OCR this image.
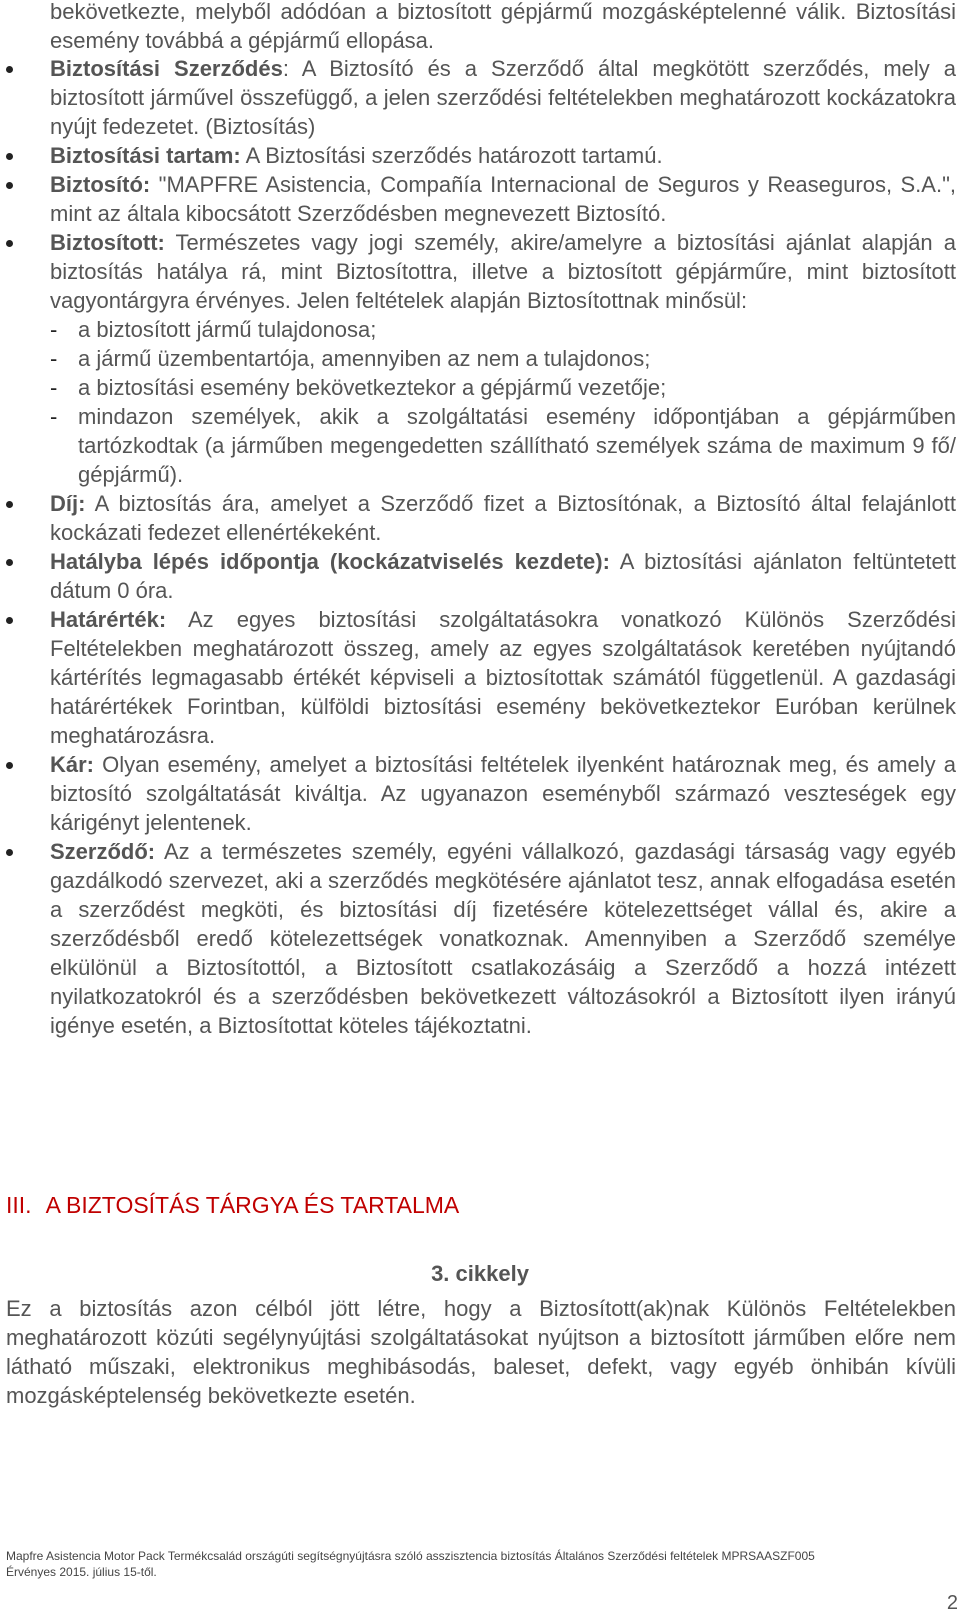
bekövetkezte, melyből adódóan a biztosított gépjármű mozgásképtelenné válik. Biztosítási esemény továbbá a gépjármű ellopása.

Biztosítási Szerződés: A Biztosító és a Szerződő által megkötött szerződés, mely a biztosított járművel összefüggő, a jelen szerződési feltételekben meghatározott kockázatokra nyújt fedezetet. (Biztosítás)
Biztosítási tartam: A Biztosítási szerződés határozott tartamú.
Biztosító: "MAPFRE Asistencia, Compañía Internacional de Seguros y Reaseguros, S.A.", mint az általa kibocsátott Szerződésben megnevezett Biztosító.
Biztosított: Természetes vagy jogi személy, akire/amelyre a biztosítási ajánlat alapján a biztosítás hatálya rá, mint Biztosítottra, illetve a biztosított gépjárműre, mint biztosított vagyontárgyra érvényes. Jelen feltételek alapján Biztosítottnak minősül:
- a biztosított jármű tulajdonosa;
- a jármű üzembentartója, amennyiben az nem a tulajdonos;
- a biztosítási esemény bekövetkeztekor a gépjármű vezetője;
- mindazon személyek, akik a szolgáltatási esemény időpontjában a gépjárműben tartózkodtak (a járműben megengedetten szállítható személyek száma de maximum 9 fő/ gépjármű).
Díj: A biztosítás ára, amelyet a Szerződő fizet a Biztosítónak, a Biztosító által felajánlott kockázati fedezet ellenértékeként.
Hatályba lépés időpontja (kockázatviselés kezdete): A biztosítási ajánlaton feltüntetett dátum 0 óra.
Határérték: Az egyes biztosítási szolgáltatásokra vonatkozó Különös Szerződési Feltételekben meghatározott összeg, amely az egyes szolgáltatások keretében nyújtandó kártérítés legmagasabb értékét képviseli a biztosítottak számától függetlenül. A gazdasági határértékek Forintban, külföldi biztosítási esemény bekövetkeztekor Euróban kerülnek meghatározásra.
Kár: Olyan esemény, amelyet a biztosítási feltételek ilyenként határoznak meg, és amely a biztosító szolgáltatását kiváltja. Az ugyanazon eseményből származó veszteségek egy kárigényt jelentenek.
Szerződő: Az a természetes személy, egyéni vállalkozó, gazdasági társaság vagy egyéb gazdálkodó szervezet, aki a szerződés megkötésére ajánlatot tesz, annak elfogadása esetén a szerződést megköti, és biztosítási díj fizetésére kötelezettséget vállal és, akire a szerződésből eredő kötelezettségek vonatkoznak. Amennyiben a Szerződő személye elkülönül a Biztosítottól, a Biztosított csatlakozásáig a Szerződő a hozzá intézett nyilatkozatokról és a szerződésben bekövetkezett változásokról a Biztosított ilyen irányú igénye esetén, a Biztosítottat köteles tájékoztatni.
III. A BIZTOSÍTÁS TÁRGYA ÉS TARTALMA
3. cikkely

Ez a biztosítás azon célból jött létre, hogy a Biztosított(ak)nak Különös Feltételekben meghatározott közúti segélynyújtási szolgáltatásokat nyújtson a biztosított járműben előre nem látható műszaki, elektronikus meghibásodás, baleset, defekt, vagy egyéb önhibán kívüli mozgásképtelenség bekövetkezte esetén.

Mapfre Asistencia Motor Pack Termékcsalád országúti segítségnyújtásra szóló asszisztencia biztosítás Általános Szerződési feltételek MPRSAASZF005
Érvényes 2015. július 15-től.
2
